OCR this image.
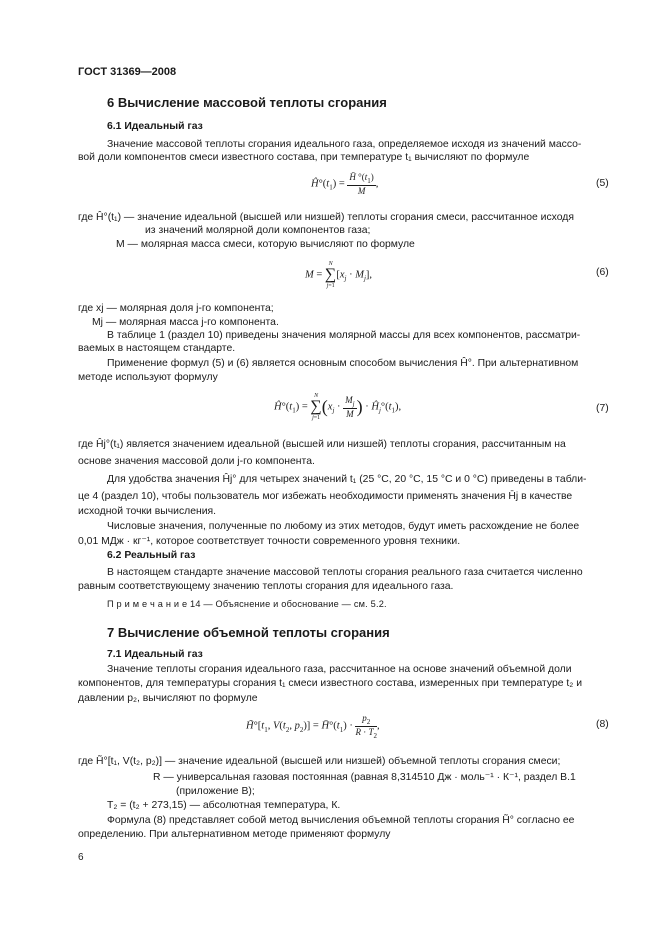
ГОСТ 31369—2008
6 Вычисление массовой теплоты сгорания
6.1 Идеальный газ
Значение массовой теплоты сгорания идеального газа, определяемое исходя из значений массо-
вой доли компонентов смеси известного состава, при температуре t₁ вычисляют по формуле
$Ĥ^\circ(t_1) = \frac{H̄ ^\circ(t_1)}{M}$ ,	(5)
где Ĥ°(t₁) — значение идеальной (высшей или низшей) теплоты сгорания смеси, рассчитанное исходя
из значений молярной доли компонентов газа;
M — молярная масса смеси, которую вычисляют по формуле
M =
N
∑
j=1
$[x_j \cdot M_j]$,	(6)
где xj — молярная доля j-го компонента;
Mj — молярная масса j-го компонента.
В таблице 1 (раздел 10) приведены значения молярной массы для всех компонентов, рассматри-
ваемых в настоящем стандарте.
Применение формул (5) и (6) является основным способом вычисления Ĥ°. При альтернативном
методе используют формулу
$Ĥ^\circ(t_1)$ =
N
∑
j=1
($x_j \cdot \frac{M_j}{M}$ ) · $Ĥ_j^\circ(t_1)$,	(7)
где Ĥj°(t₁) является значением идеальной (высшей или низшей) теплоты сгорания, рассчитанным на
основе значения массовой доли j-го компонента.
Для удобства значения Ĥj° для четырех значений t₁ (25 °C, 20 °C, 15 °C и 0 °C) приведены в табли-
це 4 (раздел 10), чтобы пользователь мог избежать необходимости применять значения H̄j в качестве
исходной точки вычисления.
Числовые значения, полученные по любому из этих методов, будут иметь расхождение не более
0,01 МДж · кг⁻¹, которое соответствует точности современного уровня техники.
6.2 Реальный газ
В настоящем стандарте значение массовой теплоты сгорания реального газа считается численно
равным соответствующему значению теплоты сгорания для идеального газа.
П р и м е ч а н и е 14 — Объяснение и обоснование — см. 5.2.
7 Вычисление объемной теплоты сгорания
7.1 Идеальный газ
Значение теплоты сгорания идеального газа, рассчитанное на основе значений объемной доли
компонентов, для температуры сгорания t₁ смеси известного состава, измеренных при температуре t₂ и
давлении p₂, вычисляют по формуле
$H̃^\circ[t_1$, $V(t_2$, $p_2$)] = $H̄^\circ(t_1) \cdot \frac{p_2}{R \cdot T_2}$ ,	(8)
где H̃°[t₁, V(t₂, p₂)] — значение идеальной (высшей или низшей) объемной теплоты сгорания смеси;
R — универсальная газовая постоянная (равная 8,314510 Дж · моль⁻¹ · К⁻¹, раздел В.1
(приложение В);
T₂ = (t₂ + 273,15) — абсолютная температура, К.
Формула (8) представляет собой метод вычисления объемной теплоты сгорания H̃° согласно ее
определению. При альтернативном методе применяют формулу
6
